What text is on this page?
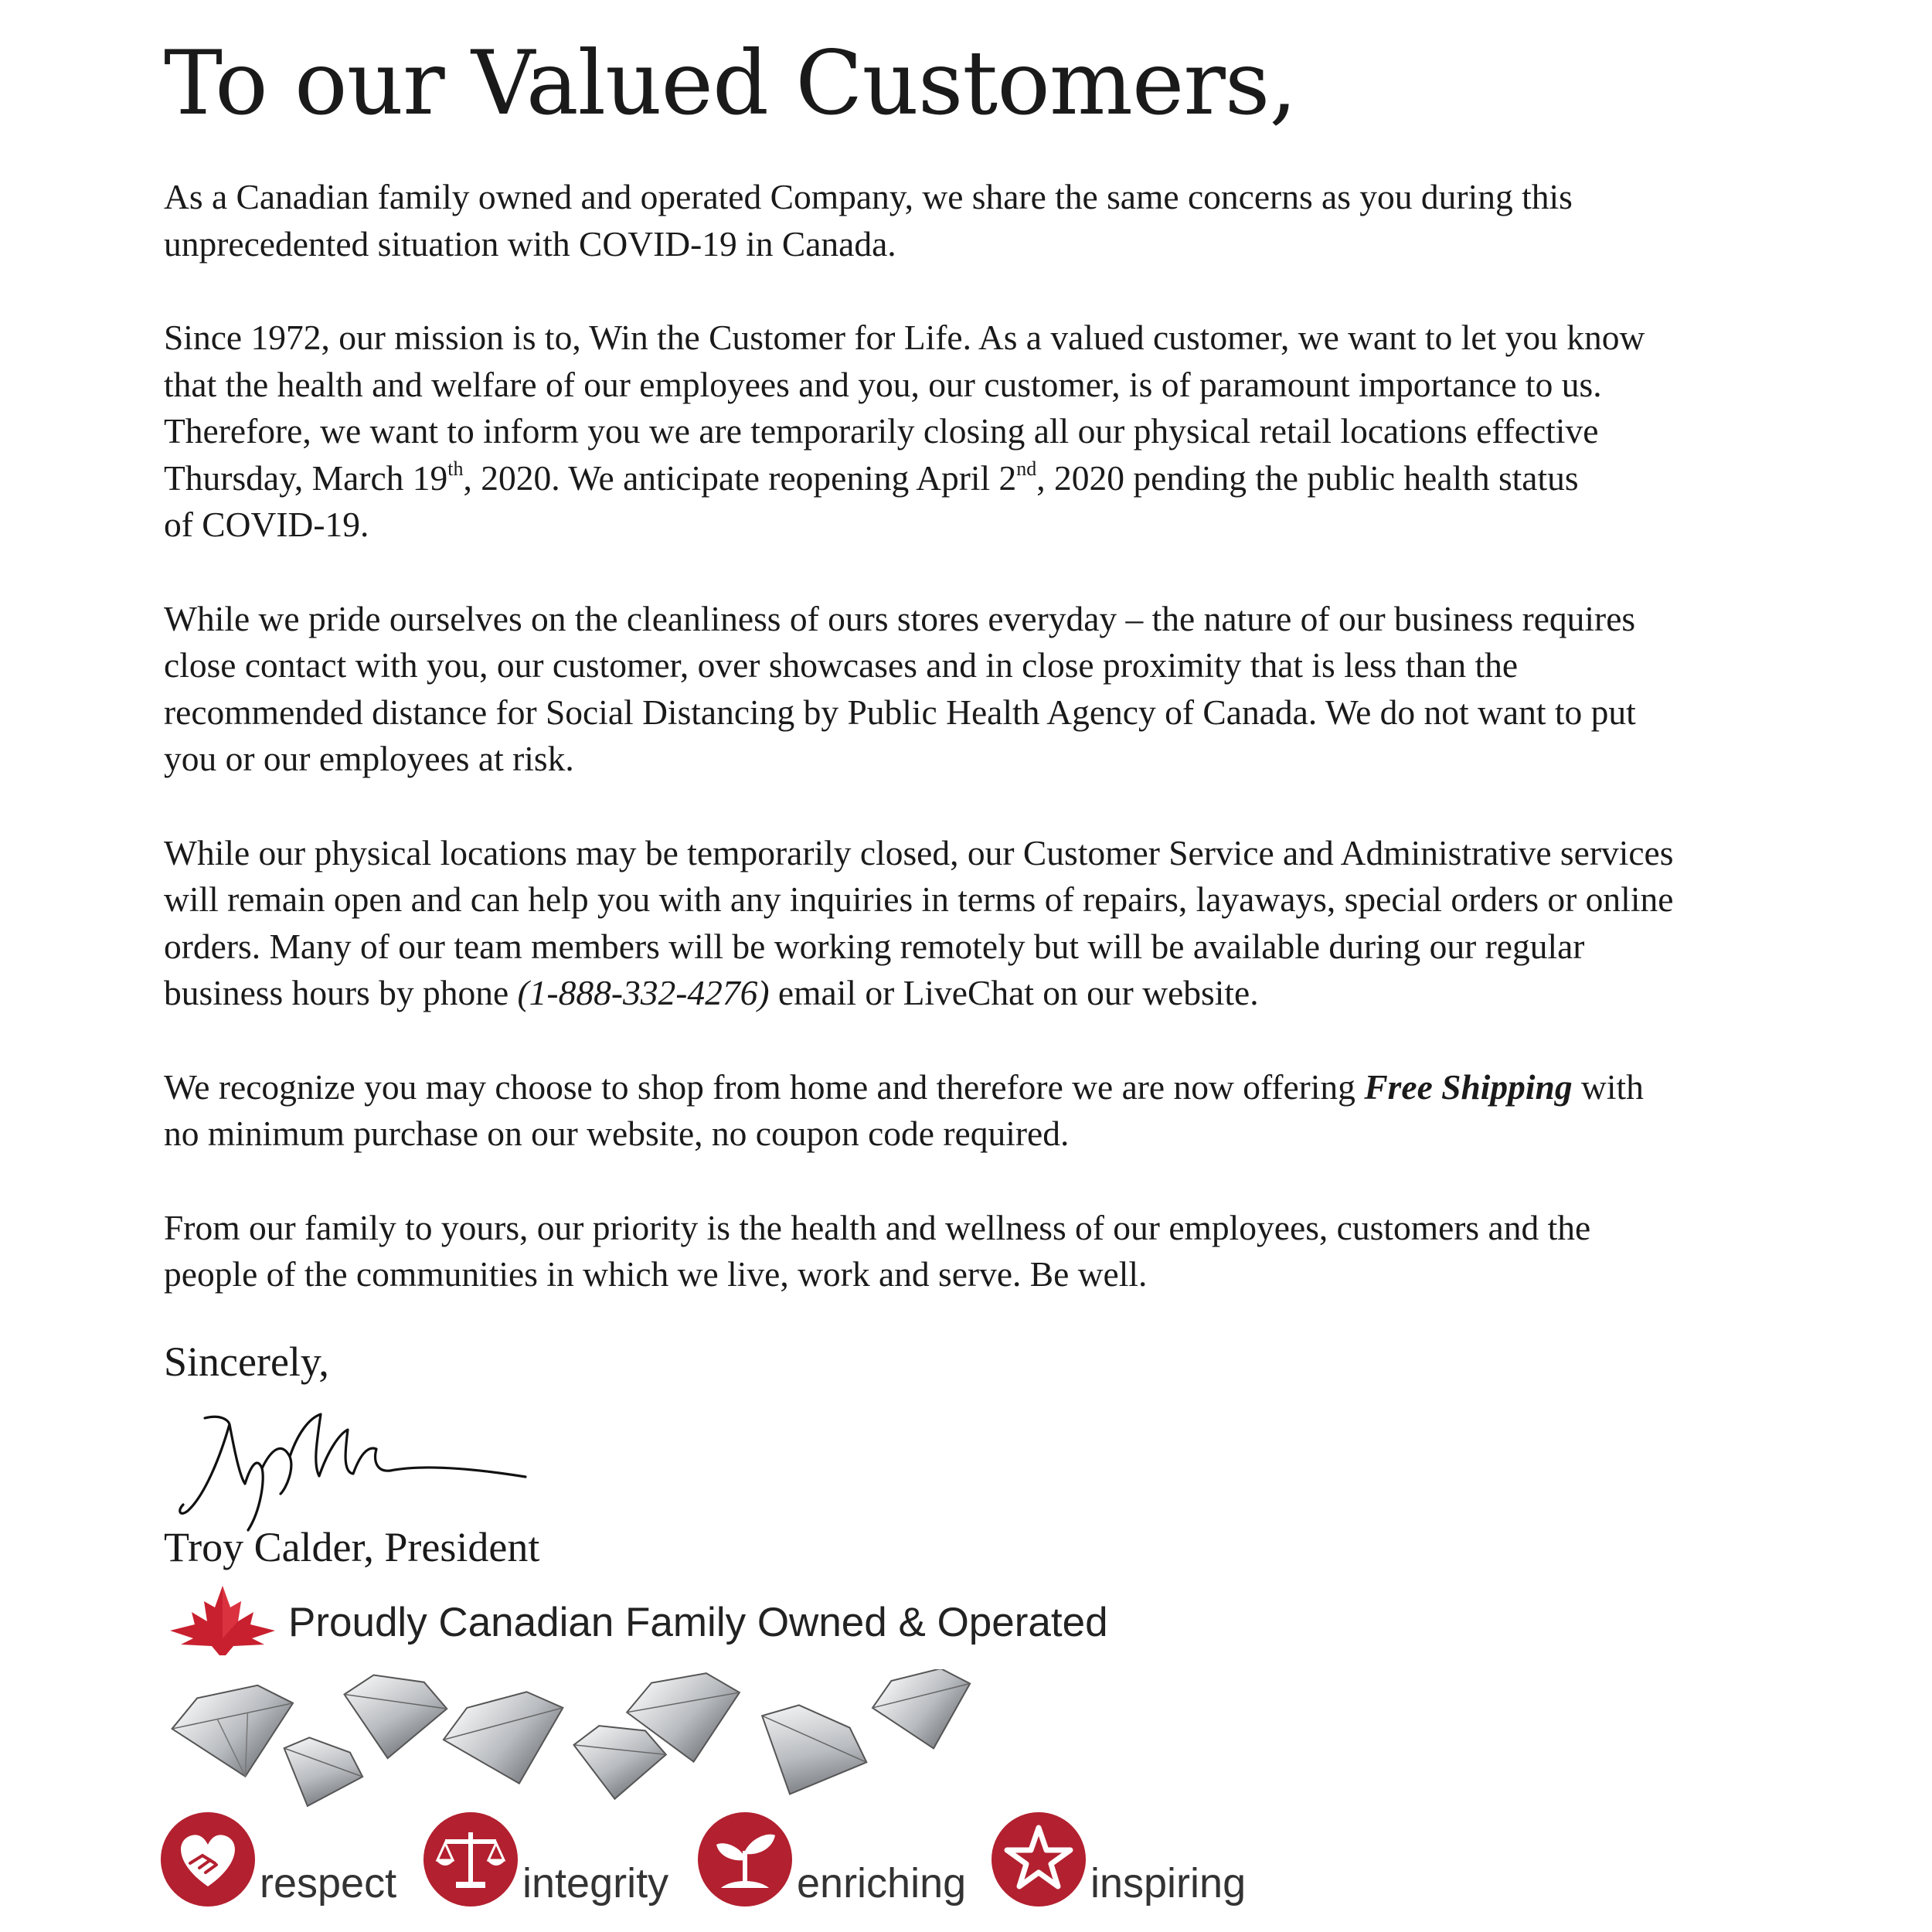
To our Valued Customers,

As a Canadian family owned and operated Company, we share the same concerns as you during this
unprecedented situation with COVID-19 in Canada.

Since 1972, our mission is to, Win the Customer for Life. As a valued customer, we want to let you know
that the health and welfare of our employees and you, our customer, is of paramount importance to us.
Therefore, we want to inform you we are temporarily closing all our physical retail locations effective
Thursday, March 19th, 2020. We anticipate reopening April 2nd, 2020 pending the public health status
of COVID-19.

While we pride ourselves on the cleanliness of ours stores everyday – the nature of our business requires
close contact with you, our customer, over showcases and in close proximity that is less than the
recommended distance for Social Distancing by Public Health Agency of Canada. We do not want to put
you or our employees at risk.

While our physical locations may be temporarily closed, our Customer Service and Administrative services
will remain open and can help you with any inquiries in terms of repairs, layaways, special orders or online
orders. Many of our team members will be working remotely but will be available during our regular
business hours by phone (1-888-332-4276) email or LiveChat on our website.

We recognize you may choose to shop from home and therefore we are now offering Free Shipping with
no minimum purchase on our website, no coupon code required.

From our family to yours, our priority is the health and wellness of our employees, customers and the
people of the communities in which we live, work and serve. Be well.

Sincerely,
Troy Calder, President
Proudly Canadian Family Owned & Operated
respect	integrity	enriching	inspiring
